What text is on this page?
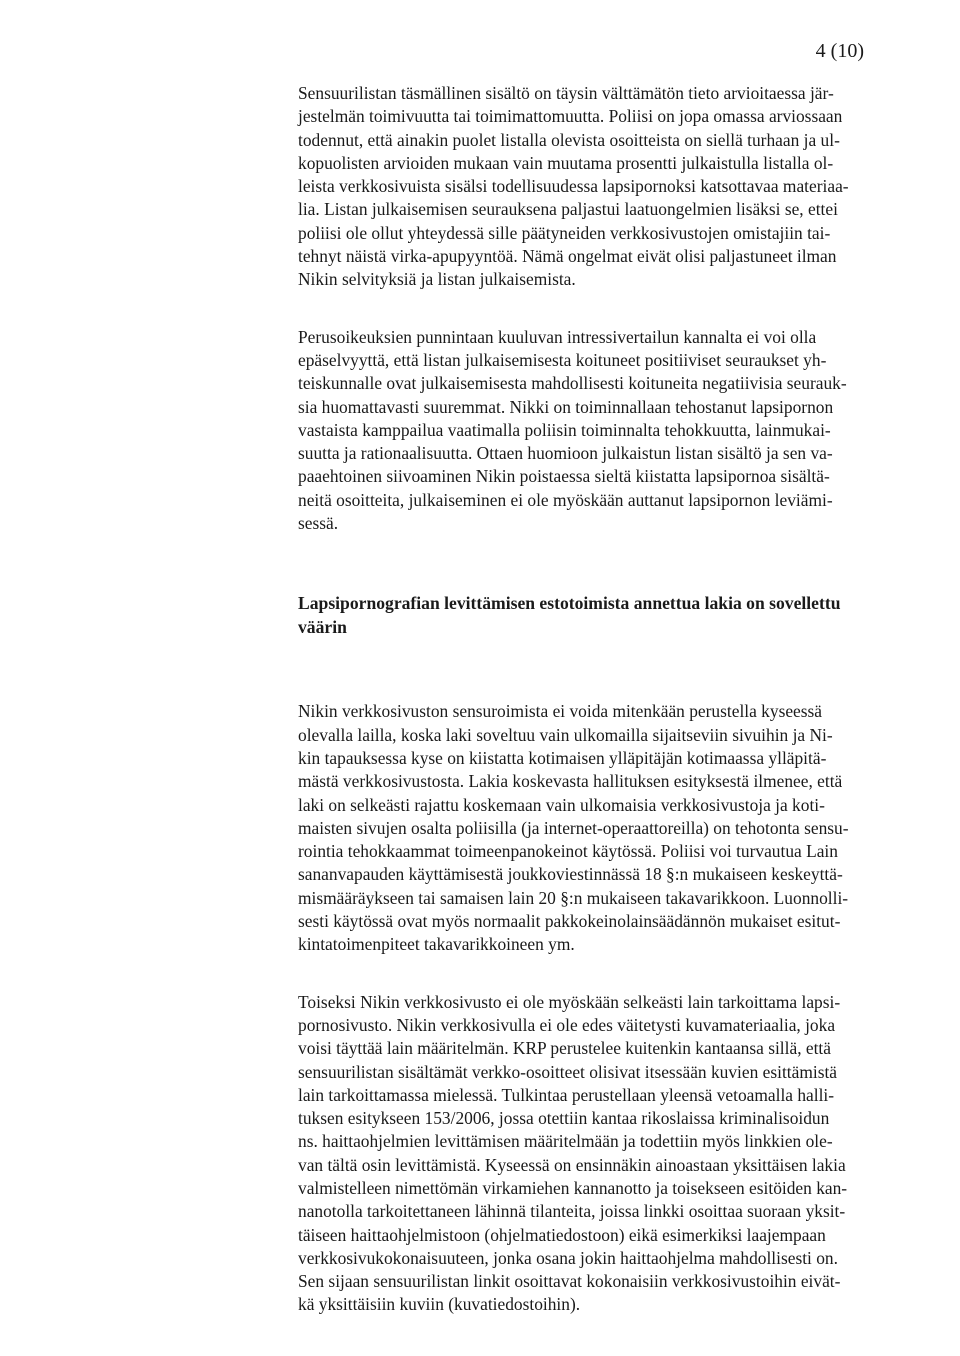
4 (10)

Sensuurilistan täsmällinen sisältö on täysin välttämätön tieto arvioitaessa jär-
jestelmän toimivuutta tai toimimattomuutta. Poliisi on jopa omassa arviossaan
todennut, että ainakin puolet listalla olevista osoitteista on siellä turhaan ja ul-
kopuolisten arvioiden mukaan vain muutama prosentti julkaistulla listalla ol-
leista verkkosivuista sisälsi todellisuudessa lapsipornoksi katsottavaa materiaa-
lia. Listan julkaisemisen seurauksena paljastui laatuongelmien lisäksi se, ettei
poliisi ole ollut yhteydessä sille päätyneiden verkkosivustojen omistajiin tai-
tehnyt näistä virka-apupyyntöä. Nämä ongelmat eivät olisi paljastuneet ilman
Nikin selvityksiä ja listan julkaisemista.

Perusoikeuksien punnintaan kuuluvan intressivertailun kannalta ei voi olla
epäselvyyttä, että listan julkaisemisesta koituneet positiiviset seuraukset yh-
teiskunnalle ovat julkaisemisesta mahdollisesti koituneita negatiivisia seurauk-
sia huomattavasti suuremmat. Nikki on toiminnallaan tehostanut lapsipornon
vastaista kamppailua vaatimalla poliisin toiminnalta tehokkuutta, lainmukai-
suutta ja rationaalisuutta. Ottaen huomioon julkaistun listan sisältö ja sen va-
paaehtoinen siivoaminen Nikin poistaessa sieltä kiistatta lapsipornoa sisältä-
neitä osoitteita, julkaiseminen ei ole myöskään auttanut lapsipornon leviämi-
sessä.

Lapsipornografian levittämisen estotoimista annettua lakia on sovellettu
väärin

Nikin verkkosivuston sensuroimista ei voida mitenkään perustella kyseessä
olevalla lailla, koska laki soveltuu vain ulkomailla sijaitseviin sivuihin ja Ni-
kin tapauksessa kyse on kiistatta kotimaisen ylläpitäjän kotimaassa ylläpitä-
mästä verkkosivustosta. Lakia koskevasta hallituksen esityksestä ilmenee, että
laki on selkeästi rajattu koskemaan vain ulkomaisia verkkosivustoja ja koti-
maisten sivujen osalta poliisilla (ja internet-operaattoreilla) on tehotonta sensu-
rointia tehokkaammat toimeenpanokeinot käytössä. Poliisi voi turvautua Lain
sananvapauden käyttämisestä joukkoviestinnässä 18 §:n mukaiseen keskeyttä-
mismääräykseen tai samaisen lain 20 §:n mukaiseen takavarikkoon. Luonnolli-
sesti käytössä ovat myös normaalit pakkokeinolainsäädännön mukaiset esitut-
kintatoimenpiteet takavarikkoineen ym.

Toiseksi Nikin verkkosivusto ei ole myöskään selkeästi lain tarkoittama lapsi-
pornosivusto. Nikin verkkosivulla ei ole edes väitetysti kuvamateriaalia, joka
voisi täyttää lain määritelmän. KRP perustelee kuitenkin kantaansa sillä, että
sensuurilistan sisältämät verkko-osoitteet olisivat itsessään kuvien esittämistä
lain tarkoittamassa mielessä. Tulkintaa perustellaan yleensä vetoamalla halli-
tuksen esitykseen 153/2006, jossa otettiin kantaa rikoslaissa kriminalisoidun
ns. haittaohjelmien levittämisen määritelmään ja todettiin myös linkkien ole-
van tältä osin levittämistä. Kyseessä on ensinnäkin ainoastaan yksittäisen lakia
valmistelleen nimettömän virkamiehen kannanotto ja toisekseen esitöiden kan-
nanotolla tarkoitettaneen lähinnä tilanteita, joissa linkki osoittaa suoraan yksit-
täiseen haittaohjelmistoon (ohjelmatiedostoon) eikä esimerkiksi laajempaan
verkkosivukokonaisuuteen, jonka osana jokin haittaohjelma mahdollisesti on.
Sen sijaan sensuurilistan linkit osoittavat kokonaisiin verkkosivustoihin eivät-
kä yksittäisiin kuviin (kuvatiedostoihin).
